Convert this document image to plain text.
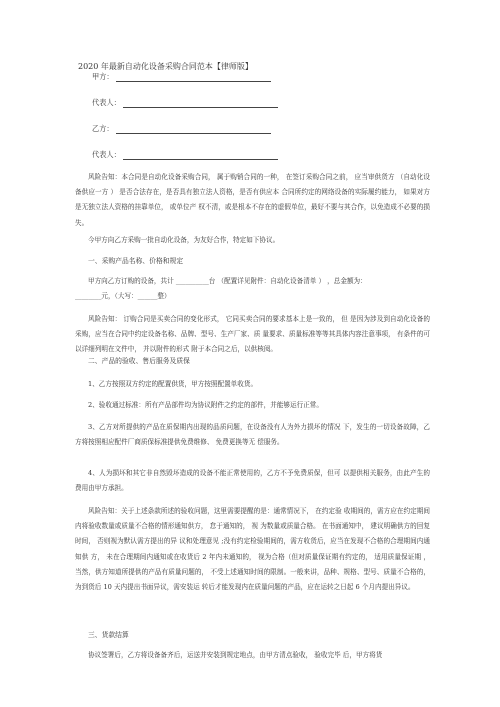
2020 年最新自动化设备采购合同范本【律师版】
甲方：
代表人：
乙方：
代表人：
风险告知：本合同是自动化设备采购合同， 属于购销合同的一种， 在签订采购合同之前， 应当审供货方 （自动化设备供应一方 ） 是否合法存在，是否具有独立法人资格，是否有供应本 合同所约定的网络设备的实际履约能力， 如果对方是无独立法人资格的挂靠单位， 或单位产 权不清，或是根本不存在的虚假单位，最好不要与其合作，以免造成不必要的损失。
今甲方向乙方采购一批自动化设备，为友好合作，特定如下协议。
一、采购产品名称、价格和规定
甲方向乙方订购的设备，共计 __________台 （配置详见附件：自动化设备清单 ） ，总金额为：
________元，（大写：______整）
风险告知： 订购合同是买卖合同的变化形式， 它同买卖合同的要求基本上是一致的， 但 是因为涉及到自动化设备的采购，应当在合同中约定设备名称、品牌、型号、生产厂家、质 量要求、质量标准等等其具体内容注意事项， 有条件的可以详细列明在文件中， 并以附件的形式 附于本合同之后，以供核阅。
二、产品的验收、售后服务及质保
1、乙方按照双方约定的配置供货，甲方按照配置单收货。
2、验收通过标准：所有产品部件均为协议附件之约定的部件，并能够运行正常。
3、乙方对所提供的产品在质保期内出现的品质问题，在设备没有人为外力损坏的情况 下，发生的一切设备故障，乙方将按照相应配件厂商质保标准提供免费维修、 免费更换等无 偿服务。
4、人为损坏和其它非自然毁坏造成的设备不能正常使用的，乙方不予免费质保，但可 以提供相关服务，由此产生的费用由甲方承担。
风险告知：关于上述条款所述的验收问题，这里需要提醒的是：通常情况下， 在约定验 收期间的，需方应在约定期间内将验收数量或质量不合格的情形通知供方， 怠于通知的， 视 为数量或质量合格。 在书面通知中， 建议明确供方的回复时间， 否则视为默认需方提出的异 议和处理意见 ;没有约定检验期间的，需方收货后，应当在发现不合格的合理期间内通知供 方， 未在合理期间内通知或在收货后 2 年内未通知的， 视为合格（但对质量保证期有约定的， 适用质量保证期 ，当然，供方知道所提供的产品有质量问题的， 不受上述通知时间的限制。一般来讲，品种、规格、型号、质量不合格的，为到货后 10 天内提出书面异议，需安装运 转后才能发现内在质量问题的产品，应在运转之日起 6 个月内提出异议。
三、货款结算
协议签署后，乙方将设备备齐后，运送并安装到规定地点，由甲方清点验收， 验收完毕 后，甲方将货
